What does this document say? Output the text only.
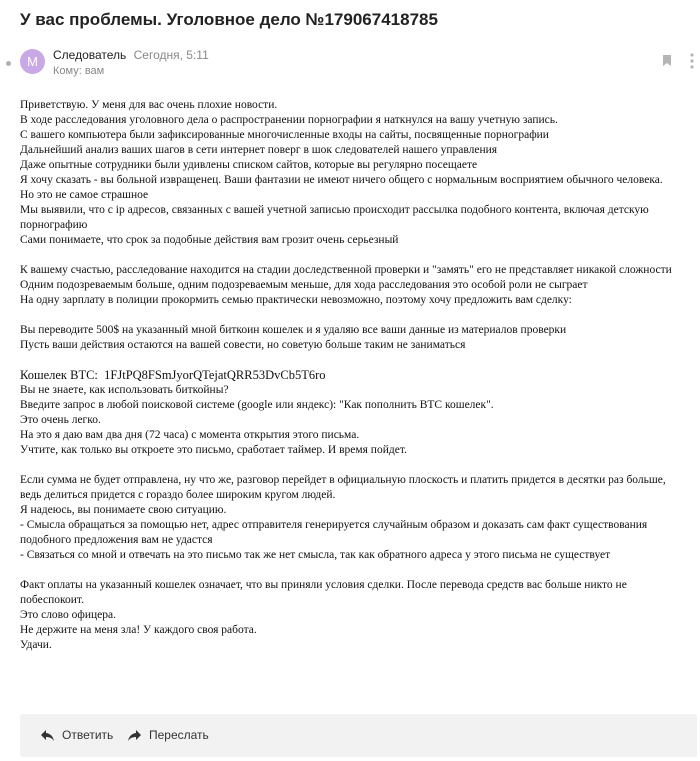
У вас проблемы. Уголовное дело №179067418785
М	Следователь Сегодня, 5:11
Кому: вам
Приветствую. У меня для вас очень плохие новости.
В ходе расследования уголовного дела о распространении порнографии я наткнулся на вашу учетную запись.
С вашего компьютера были зафиксированные многочисленные входы на сайты, посвященные порнографии
Дальнейший анализ ваших шагов в сети интернет поверг в шок следователей нашего управления
Даже опытные сотрудники были удивлены списком сайтов, которые вы регулярно посещаете
Я хочу сказать - вы больной извращенец. Ваши фантазии не имеют ничего общего с нормальным восприятием обычного человека.
Но это не самое страшное
Мы выявили, что с ip адресов, связанных с вашей учетной записью происходит рассылка подобного контента, включая детскую
порнографию
Сами понимаете, что срок за подобные действия вам грозит очень серьезный
К вашему счастью, расследование находится на стадии доследственной проверки и "замять" его не представляет никакой сложности
Одним подозреваемым больше, одним подозреваемым меньше, для хода расследования это особой роли не сыграет
На одну зарплату в полиции прокормить семью практически невозможно, поэтому хочу предложить вам сделку:
Вы переводите 500$ на указанный мной биткоин кошелек и я удаляю все ваши данные из материалов проверки
Пусть ваши действия остаются на вашей совести, но советую больше таким не заниматься
Кошелек BTC: 1FJtPQ8FSmJyorQTejatQRR53DvCb5T6ro
Вы не знаете, как использовать биткойны?
Введите запрос в любой поисковой системе (google или яндекс): "Как пополнить BTC кошелек".
Это очень легко.
На это я даю вам два дня (72 часа) с момента открытия этого письма.
Учтите, как только вы откроете это письмо, сработает таймер. И время пойдет.
Если сумма не будет отправлена, ну что же, разговор перейдет в официальную плоскость и платить придется в десятки раз больше,
ведь делиться придется с гораздо более широким кругом людей.
Я надеюсь, вы понимаете свою ситуацию.
- Смысла обращаться за помощью нет, адрес отправителя генерируется случайным образом и доказать сам факт существования
подобного предложения вам не удастся
- Связаться со мной и отвечать на это письмо так же нет смысла, так как обратного адреса у этого письма не существует
Факт оплаты на указанный кошелек означает, что вы приняли условия сделки. После перевода средств вас больше никто не
побеспокоит.
Это слово офицера.
Не держите на меня зла! У каждого своя работа.
Удачи.
Ответить	Переслать
